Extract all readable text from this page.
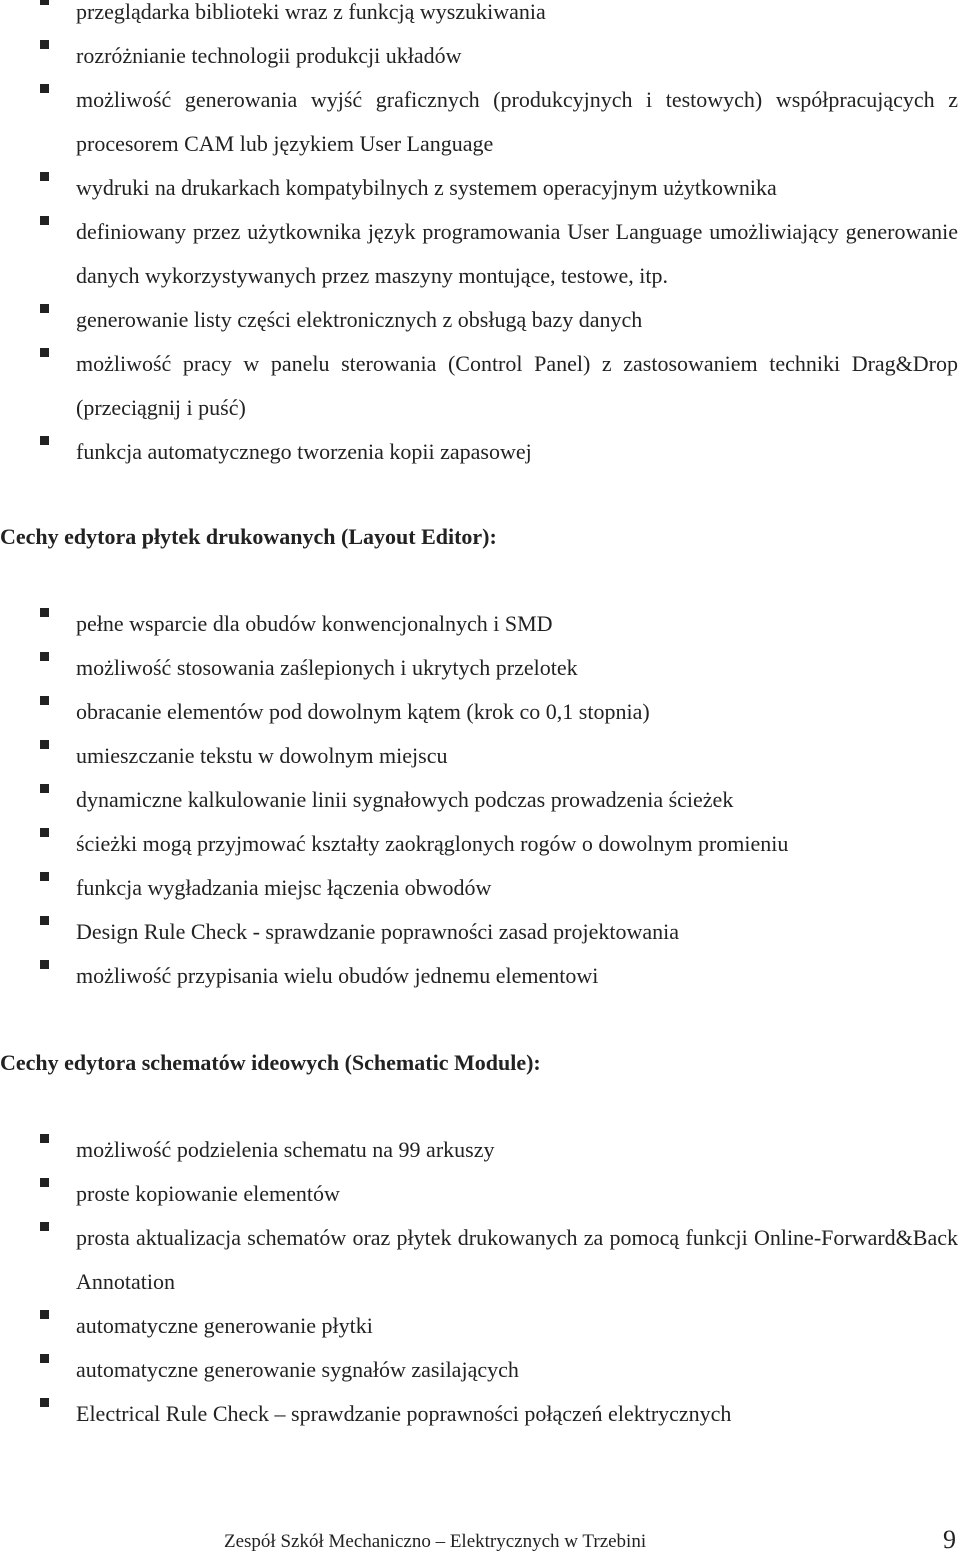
przeglądarka biblioteki wraz z funkcją wyszukiwania
rozróżnianie technologii produkcji układów
możliwość generowania wyjść graficznych (produkcyjnych i testowych) współpracujących z procesorem CAM lub językiem User Language
wydruki na drukarkach kompatybilnych z systemem operacyjnym użytkownika
definiowany przez użytkownika język programowania User Language umożliwiający generowanie danych wykorzystywanych przez maszyny montujące, testowe, itp.
generowanie listy części elektronicznych z obsługą bazy danych
możliwość pracy w panelu sterowania (Control Panel) z zastosowaniem techniki Drag&Drop (przeciągnij i puść)
funkcja automatycznego tworzenia kopii zapasowej
Cechy edytora płytek drukowanych (Layout Editor):
pełne wsparcie dla obudów konwencjonalnych i SMD
możliwość stosowania zaślepionych i ukrytych przelotek
obracanie elementów pod dowolnym kątem (krok co 0,1 stopnia)
umieszczanie tekstu w dowolnym miejscu
dynamiczne kalkulowanie linii sygnałowych podczas prowadzenia ścieżek
ścieżki mogą przyjmować kształty zaokrąglonych rogów o dowolnym promieniu
funkcja wygładzania miejsc łączenia obwodów
Design Rule Check - sprawdzanie poprawności zasad projektowania
możliwość przypisania wielu obudów jednemu elementowi
Cechy edytora schematów ideowych (Schematic Module):
możliwość podzielenia schematu na 99 arkuszy
proste kopiowanie elementów
prosta aktualizacja schematów oraz płytek drukowanych za pomocą funkcji Online-Forward&Back Annotation
automatyczne generowanie płytki
automatyczne generowanie sygnałów zasilających
Electrical Rule Check – sprawdzanie poprawności połączeń elektrycznych
Zespół Szkół Mechaniczno – Elektrycznych w Trzebini	9
